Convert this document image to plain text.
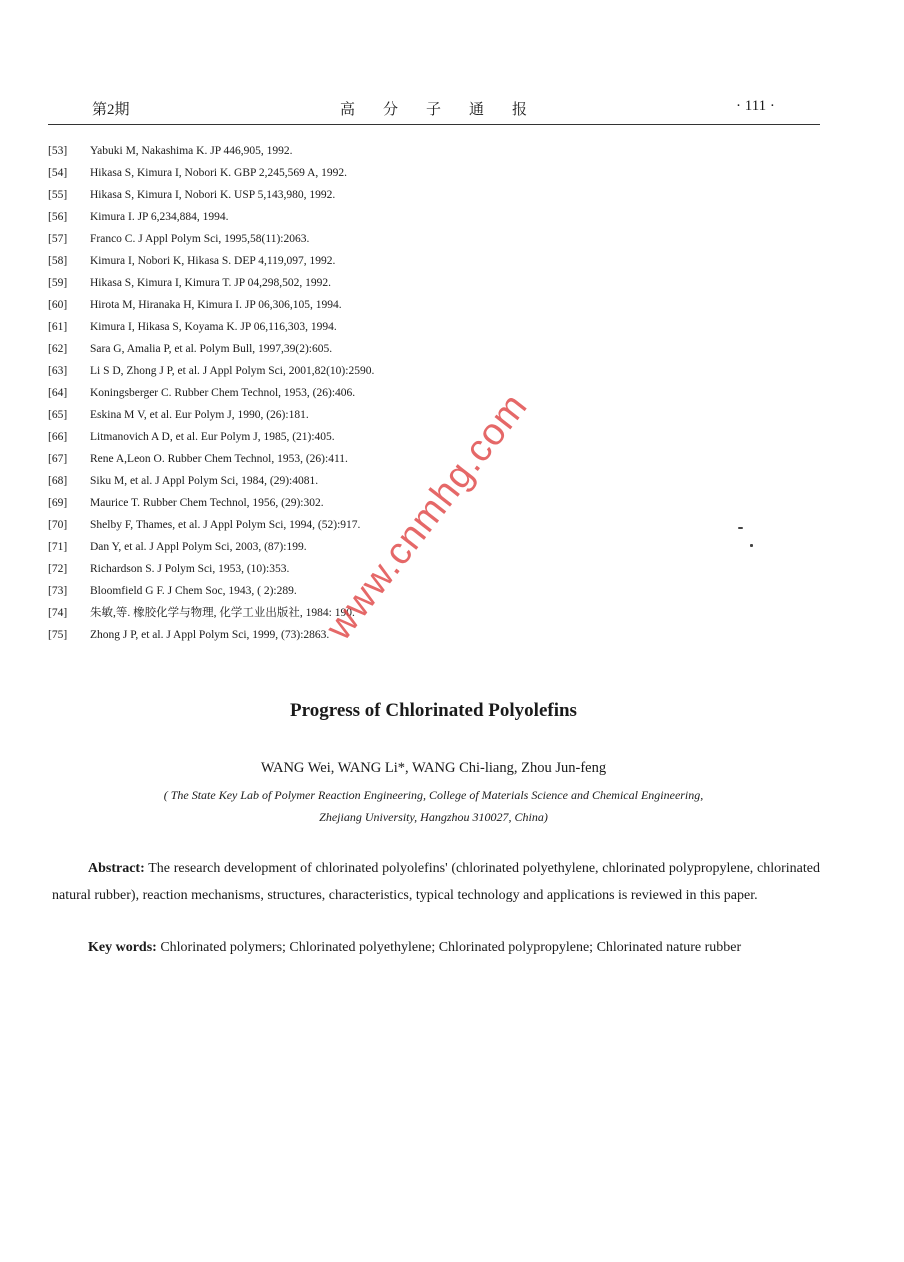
第2期	高分子通报	· 111 ·
[53]	Yabuki M, Nakashima K. JP 446,905, 1992.
[54]	Hikasa S, Kimura I, Nobori K. GBP 2,245,569 A, 1992.
[55]	Hikasa S, Kimura I, Nobori K. USP 5,143,980, 1992.
[56]	Kimura I. JP 6,234,884, 1994.
[57]	Franco C. J Appl Polym Sci, 1995,58(11):2063.
[58]	Kimura I, Nobori K, Hikasa S. DEP 4,119,097, 1992.
[59]	Hikasa S, Kimura I, Kimura T. JP 04,298,502, 1992.
[60]	Hirota M, Hiranaka H, Kimura I. JP 06,306,105, 1994.
[61]	Kimura I, Hikasa S, Koyama K. JP 06,116,303, 1994.
[62]	Sara G, Amalia P, et al. Polym Bull, 1997,39(2):605.
[63]	Li S D, Zhong J P, et al. J Appl Polym Sci, 2001,82(10):2590.
[64]	Koningsberger C. Rubber Chem Technol, 1953, (26):406.
[65]	Eskina M V, et al. Eur Polym J, 1990, (26):181.
[66]	Litmanovich A D, et al. Eur Polym J, 1985, (21):405.
[67]	Rene A,Leon O. Rubber Chem Technol, 1953, (26):411.
[68]	Siku M, et al. J Appl Polym Sci, 1984, (29):4081.
[69]	Maurice T. Rubber Chem Technol, 1956, (29):302.
[70]	Shelby F, Thames, et al. J Appl Polym Sci, 1994, (52):917.
[71]	Dan Y, et al. J Appl Polym Sci, 2003, (87):199.
[72]	Richardson S. J Polym Sci, 1953, (10):353.
[73]	Bloomfield G F. J Chem Soc, 1943, ( 2):289.
[74]	朱敏,等. 橡胶化学与物理, 化学工业出版社, 1984: 190.
[75]	Zhong J P, et al. J Appl Polym Sci, 1999, (73):2863.
Progress of Chlorinated Polyolefins
WANG Wei, WANG Li*, WANG Chi-liang, Zhou Jun-feng
( The State Key Lab of Polymer Reaction Engineering, College of Materials Science and Chemical Engineering,
Zhejiang University, Hangzhou 310027, China)
Abstract: The research development of chlorinated polyolefins' (chlorinated polyethylene, chlorinated polypropylene, chlorinated natural rubber), reaction mechanisms, structures, characteristics, typical technology and applications is reviewed in this paper.
Key words: Chlorinated polymers; Chlorinated polyethylene; Chlorinated polypropylene; Chlorinated nature rubber
www.cnmhg.com
